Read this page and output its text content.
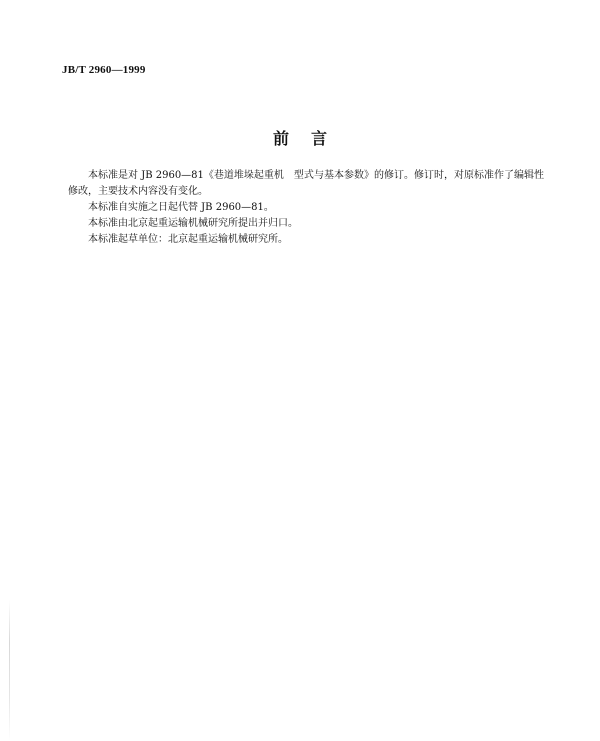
JB/T 2960—1999
前言

本标准是对 JB 2960—81《巷道堆垛起重机　型式与基本参数》的修订。修订时，对原标准作了编辑性修改，主要技术内容没有变化。

本标准自实施之日起代替 JB 2960—81。

本标准由北京起重运输机械研究所提出并归口。

本标准起草单位：北京起重运输机械研究所。
